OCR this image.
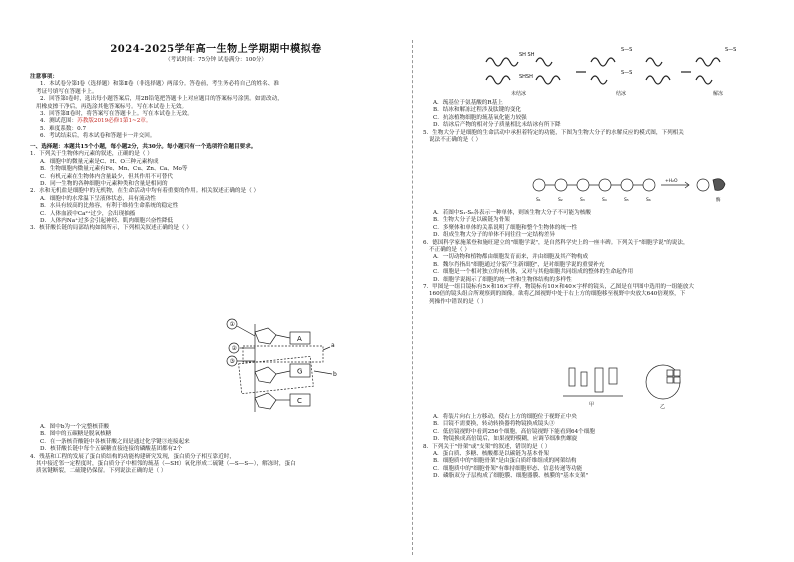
2024-2025学年高一生物上学期期中模拟卷
（考试时间：75分钟 试卷满分：100分）
注意事项：
1．本试卷分第Ⅰ卷（选择题）和第Ⅱ卷（非选择题）两部分。答卷前，考生务必将自己的姓名、准
考证号填写在答题卡上。
2．回答第Ⅰ卷时，选出每小题答案后，用2B铅笔把答题卡上对应题目的答案标号涂黑。如需改动，
用橡皮擦干净后，再选涂其他答案标号。写在本试卷上无效。
3．回答第Ⅱ卷时，将答案写在答题卡上。写在本试卷上无效。
4．测试范围：苏教版2019必修1第1~2章。
5．难度系数：0.7
6．考试结束后，将本试卷和答题卡一并交回。
一、选择题：本题共15个小题，每小题2分，共30分。每小题只有一个选项符合题目要求。
1．下列关于生物体内元素的叙述，正确的是（ ）
A．细胞中的微量元素是C、H、O三种元素构成
B．生物细胞内微量元素有Fe、Mn、Cu、Zn、Ca、Mo等
C．有机元素在生物体内含量最少，但其作用不可替代
D．同一生物的各种细胞中元素种类和含量是相同的
2．水和无机盐是细胞中的无机物，在生命活动中均有着重要的作用。相关叙述正确的是（ ）
A．细胞中的水常温下呈液体状态，具有流动性
B．水具有较高的比热容，有利于维持生命系统的稳定性
C．人体血液中Ca²⁺过少，会出现抽搐
D．人体内Na⁺过多会引起神经、肌肉细胞兴奋性降低
3．核苷酸长链的局部结构如图所示，下列相关叙述正确的是（ ）
①
②
③
A
G
C
a
b
A．图中b为一个完整核苷酸
B．图中的五碳糖是脱氧核糖
C．在一条核苷酸链中各核苷酸之间是通过化学键③连接起来
D．核苷酸长链中每个五碳糖直接连接的磷酸基团都有2个
4．残基和工程的发展了蛋白质结构的功能构建研究发现，蛋白质分子相互靠近时，
其中接近邻一定程度时，蛋白质分子中相邻的巯基（—SH）氧化形成二硫键（—S—S—），解冻时，蛋白
质氢键断裂，二硫键仍保留。下列说法正确的是（ ）
SH SH
SHSH
S—S
S—S
S—S
未结冰	结冰	解冻
A．巯基位于氨基酸的R基上
B．结冰和解冻过程涉及肽键的变化
C．抗冻植物细胞的巯基氧化能力较强
D．结冰后产物的相对分子质量相比未结冰有所下降
5．生物大分子是细胞的生命活动中承担着特定的功能，下图为生物大分子的水解反应的模式图，下列相关
说法不正确的是（ ）
S₁	S₂	S₃	S₄	S₅	S₆
+H₂O
酶
A．若图中S₁-S₆各表示一种单体，则该生物大分子不可能为核酸
B．生物大分子是以碳链为骨架
C．多聚体和单体的关系说明了细胞和整个生物体的统一性
D．组成生物大分子的单体不同往往一定结构差异
6．德国科学家施莱登和施旺建立的"细胞学说"，是自然科学史上的一座丰碑。下列关于"细胞学说"的说法，
不正确的是（ ）
A．一切动物和植物都由细胞发育而来，并由细胞及其产物构成
B．魏尔肖指出"细胞通过分裂产生新细胞"，是对细胞学说的重要补充
C．细胞是一个相对独立的有机体，又对与其他细胞共同组成的整体的生命起作用
D．细胞学说揭示了细胞的统一性和生物体结构的多样性
7．甲图是一组目镜标有5×和16×字样，物镜标有10×和40×字样的镜头，乙图是在甲图中选用的一组能放大
160倍的镜头组合所观察到的图像。欲将乙图视野中处于右上方的细胞移至视野中央放大640倍观察，下
列操作中错误的是（ ）
甲	乙
A．将装片向右上方移动，使右上方的细胞位于视野正中央
B．目镜不需要换，转动转换器将物镜换成镜头③
C．低倍镜视野中看到256个细胞，高倍镜视野下能看到64个细胞
D．物镜换成高倍镜后，如果视野模糊，应调节细准焦螺旋
8．下列关于"骨架"或"支架"的叙述，错误的是（ ）
A．蛋白质、多糖、核酸都是以碳链为基本骨架
B．细胞质中的"细胞骨架"是由蛋白质纤维组成的网架结构
C．细胞质中的"细胞骨架"有维持细胞形态、信息传递等功能
D．磷脂双分子层构成了细胞膜、细胞器膜、核膜的"基本支架"
